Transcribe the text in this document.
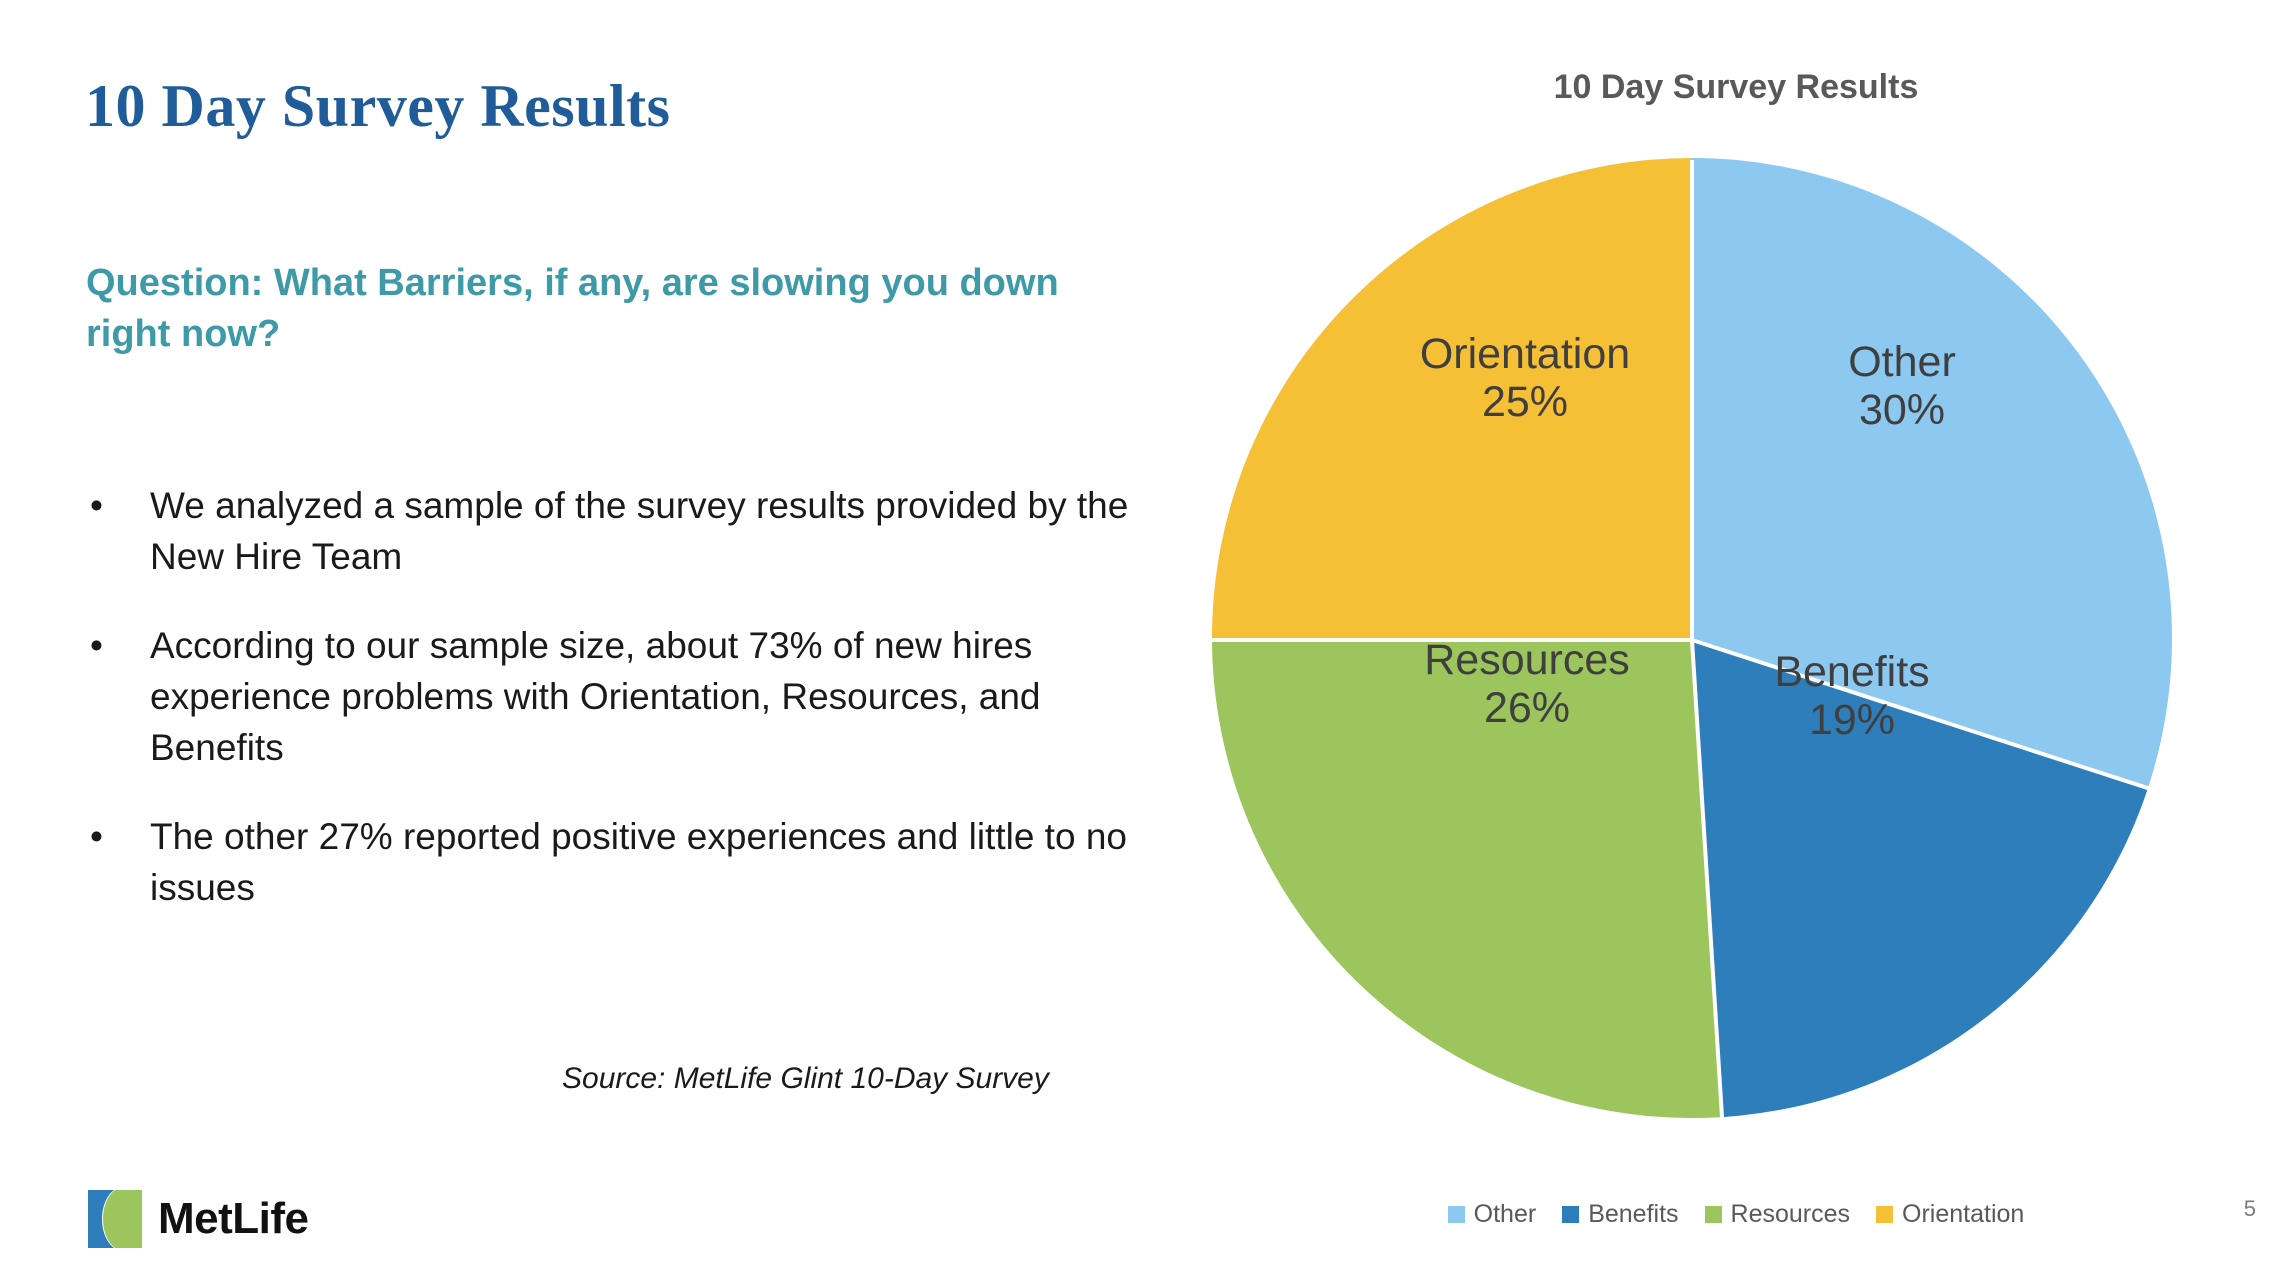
10 Day Survey Results
Question: What Barriers, if any, are slowing you down right now?
• We analyzed a sample of the survey results provided by the New Hire Team
• According to our sample size, about 73% of new hires experience problems with Orientation, Resources, and Benefits
• The other 27% reported positive experiences and little to no issues
Source: MetLife Glint 10-Day Survey
MetLife
10 Day Survey Results
Other
30%
Benefits
19%
Resources
26%
Orientation
25%
Other Benefits Resources Orientation	5
